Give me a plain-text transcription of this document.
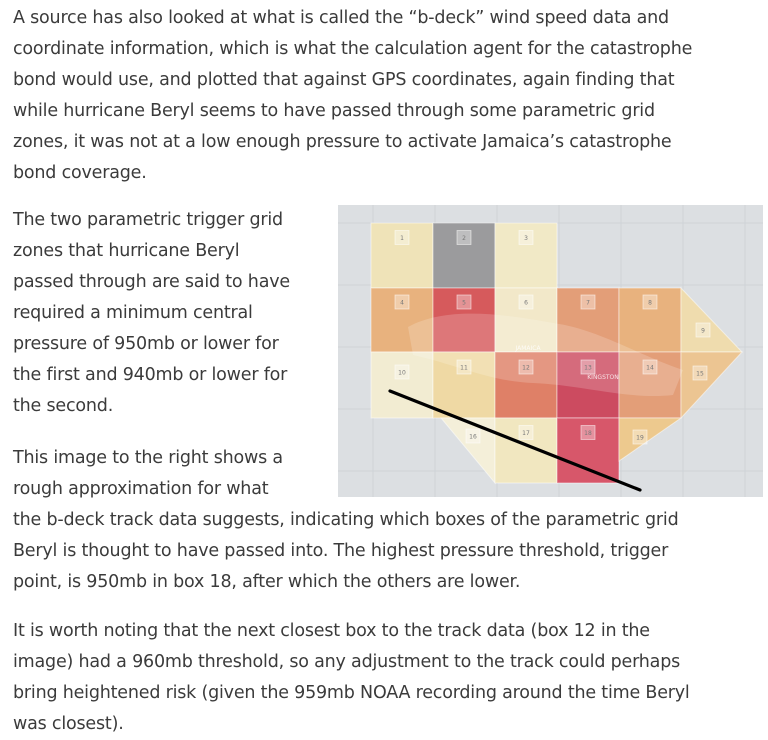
A source has also looked at what is called the “b-deck” wind speed data and
coordinate information, which is what the calculation agent for the catastrophe
bond would use, and plotted that against GPS coordinates, again finding that
while hurricane Beryl seems to have passed through some parametric grid
zones, it was not at a low enough pressure to activate Jamaica’s catastrophe
bond coverage.

The two parametric trigger grid
zones that hurricane Beryl
passed through are said to have
required a minimum central
pressure of 950mb or lower for
the first and 940mb or lower for
the second.

1	2	3
4	5	6	7	8
9
10
11	12	13	14
15
16	17	18
19
JAMAICA
KINGSTON

This image to the right shows a
rough approximation for what
the b-deck track data suggests, indicating which boxes of the parametric grid
Beryl is thought to have passed into. The highest pressure threshold, trigger
point, is 950mb in box 18, after which the others are lower.

It is worth noting that the next closest box to the track data (box 12 in the
image) had a 960mb threshold, so any adjustment to the track could perhaps
bring heightened risk (given the 959mb NOAA recording around the time Beryl
was closest).
